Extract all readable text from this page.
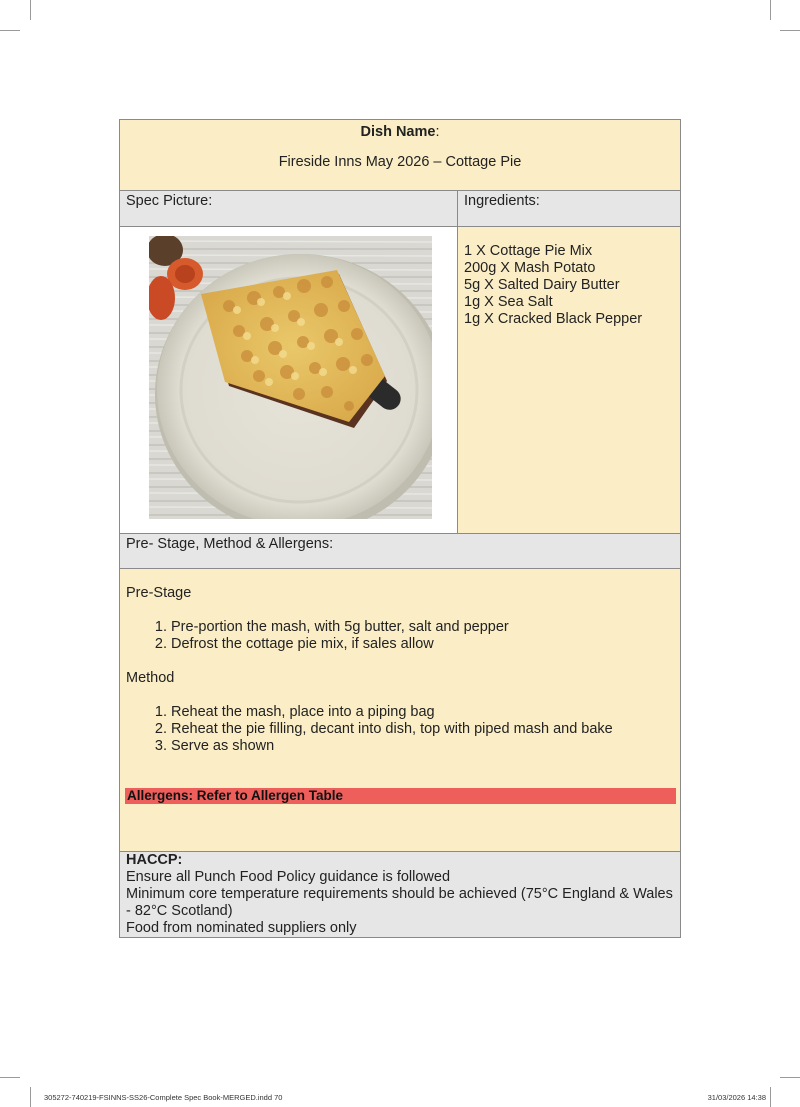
Dish Name:
Fireside Inns May 2026 – Cottage Pie
Spec Picture:	Ingredients:
1 X Cottage Pie Mix
200g X Mash Potato
5g X Salted Dairy Butter
1g X Sea Salt
1g X Cracked Black Pepper
Pre- Stage, Method & Allergens:

Pre-Stage

1. Pre-portion the mash, with 5g butter, salt and pepper
2. Defrost the cottage pie mix, if sales allow

Method

1. Reheat the mash, place into a piping bag
2. Reheat the pie filling, decant into dish, top with piped mash and bake
3. Serve as shown
Allergens: Refer to Allergen Table
HACCP:
Ensure all Punch Food Policy guidance is followed
Minimum core temperature requirements should be achieved (75°C England & Wales - 82°C Scotland)
Food from nominated suppliers only
305272-740219-FSINNS-SS26-Complete Spec Book-MERGED.indd 70	31/03/2026 14:38
